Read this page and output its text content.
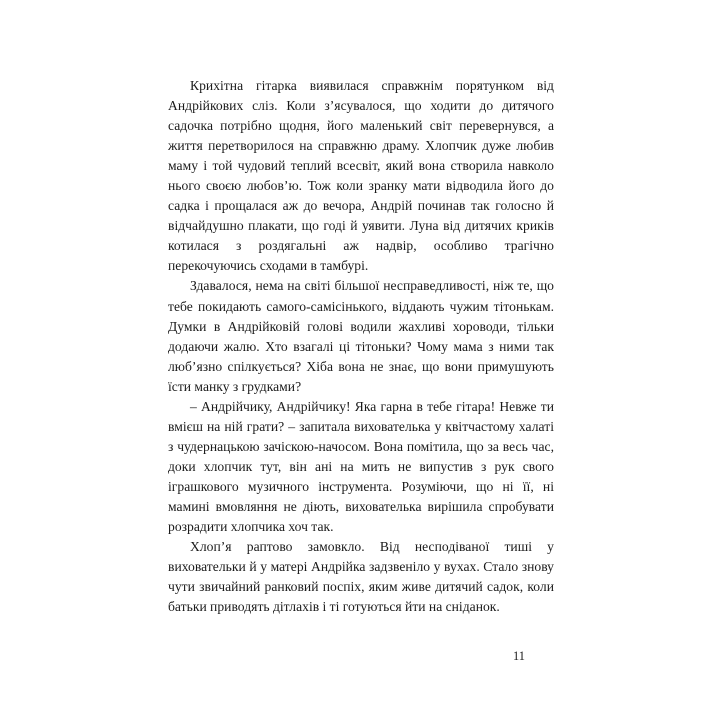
Крихітна гітарка виявилася справжнім порятунком від Андрійкових сліз. Коли з’ясувалося, що ходити до дитячого садочка потрібно щодня, його маленький світ перевернувся, а життя перетворилося на справжню драму. Хлопчик дуже любив маму і той чудовий теплий всесвіт, який вона створила навколо нього своєю любов’ю. Тож коли зранку мати відводила його до садка і прощалася аж до вечора, Андрій починав так голосно й відчайдушно плакати, що годі й уявити. Луна від дитячих криків котилася з роздягальні аж надвір, особливо трагічно перекочуючись сходами в тамбурі.

Здавалося, нема на світі більшої несправедливості, ніж те, що тебе покидають самого-самісінького, віддають чужим тітонькам. Думки в Андрійковій голові водили жахливі хороводи, тільки додаючи жалю. Хто взагалі ці тітоньки? Чому мама з ними так люб’язно спілкується? Хіба вона не знає, що вони примушують їсти манку з грудками?

– Андрійчику, Андрійчику! Яка гарна в тебе гітара! Невже ти вмієш на ній грати? – запитала вихователька у квітчастому халаті з чудернацькою зачіскою-начосом. Вона помітила, що за весь час, доки хлопчик тут, він ані на мить не випустив з рук свого іграшкового музичного інструмента. Розуміючи, що ні її, ні мамині вмовляння не діють, вихователька вирішила спробувати розрадити хлопчика хоч так.

Хлоп’я раптово замовкло. Від несподіваної тиші у виховательки й у матері Андрійка задзвеніло у вухах. Стало знову чути звичайний ранковий поспіх, яким живе дитячий садок, коли батьки приводять дітлахів і ті готуються йти на сніданок.

11
